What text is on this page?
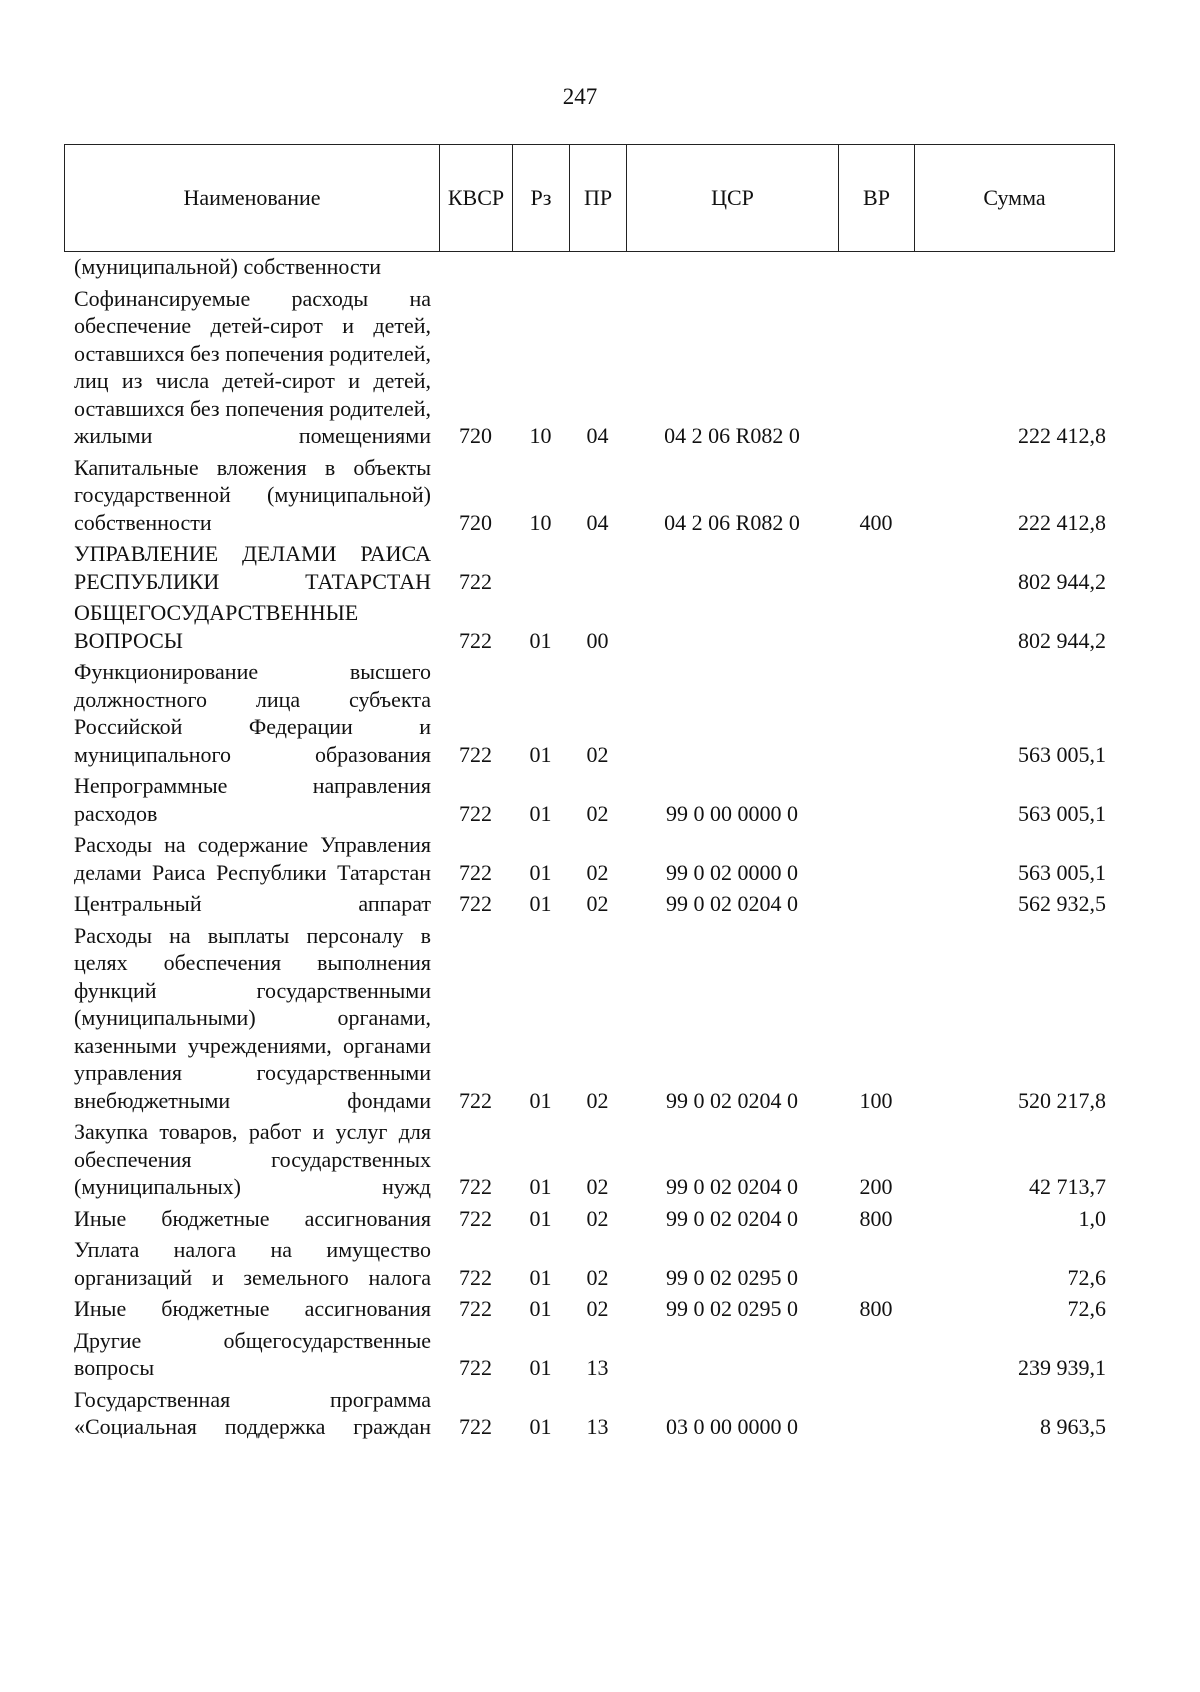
247
Наименование	КВСР	Рз	ПР	ЦСР	ВР	Сумма
(муниципальной) собственности						
Софинансируемые расходы на обеспечение детей-сирот и детей, оставшихся без попечения родителей, лиц из числа детей-сирот и детей, оставшихся без попечения родителей, жилыми помещениями	720	10	04	04 2 06 R082 0		222 412,8
Капитальные вложения в объекты государственной (муниципальной) собственности	720	10	04	04 2 06 R082 0	400	222 412,8
УПРАВЛЕНИЕ ДЕЛАМИ РАИСА РЕСПУБЛИКИ ТАТАРСТАН	722					802 944,2
ОБЩЕГОСУДАРСТВЕННЫЕ ВОПРОСЫ	722	01	00			802 944,2
Функционирование высшего должностного лица субъекта Российской Федерации и муниципального образования	722	01	02			563 005,1
Непрограммные направления расходов	722	01	02	99 0 00 0000 0		563 005,1
Расходы на содержание Управления делами Раиса Республики Татарстан	722	01	02	99 0 02 0000 0		563 005,1
Центральный аппарат	722	01	02	99 0 02 0204 0		562 932,5
Расходы на выплаты персоналу в целях обеспечения выполнения функций государственными (муниципальными) органами, казенными учреждениями, органами управления государственными внебюджетными фондами	722	01	02	99 0 02 0204 0	100	520 217,8
Закупка товаров, работ и услуг для обеспечения государственных (муниципальных) нужд	722	01	02	99 0 02 0204 0	200	42 713,7
Иные бюджетные ассигнования	722	01	02	99 0 02 0204 0	800	1,0
Уплата налога на имущество организаций и земельного налога	722	01	02	99 0 02 0295 0		72,6
Иные бюджетные ассигнования	722	01	02	99 0 02 0295 0	800	72,6
Другие общегосударственные вопросы	722	01	13			239 939,1
Государственная программа «Социальная поддержка граждан	722	01	13	03 0 00 0000 0		8 963,5
